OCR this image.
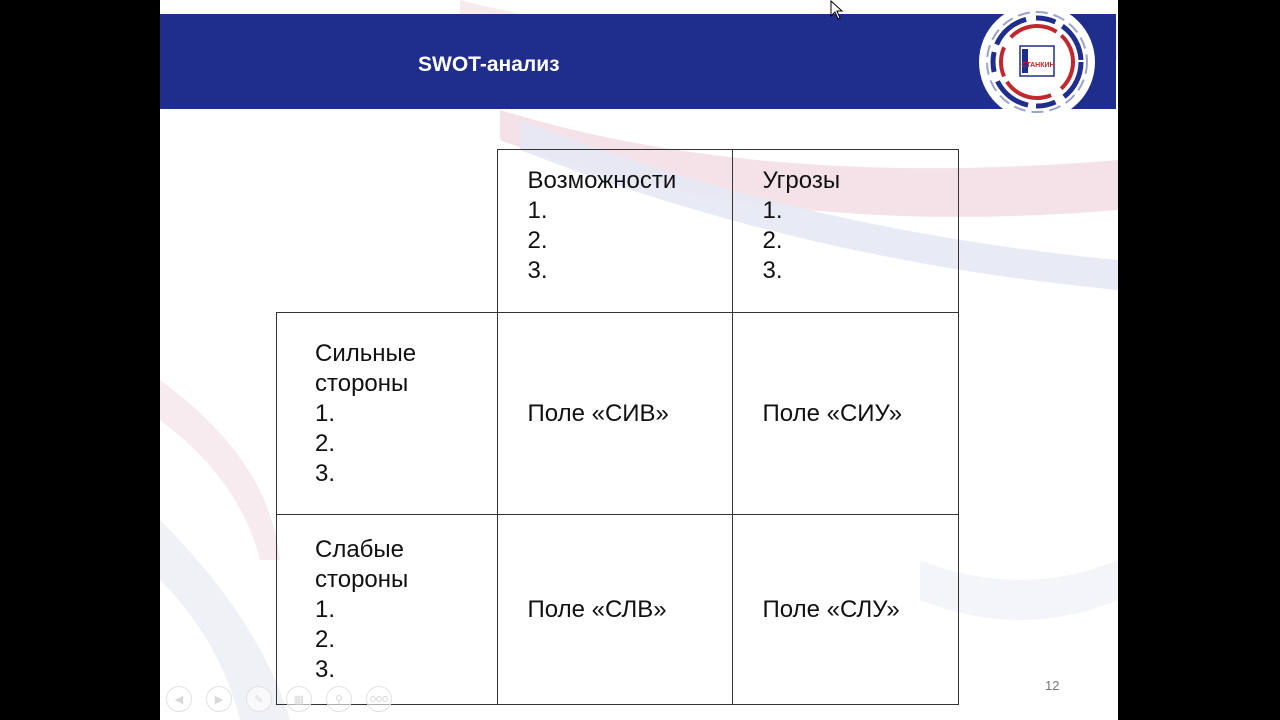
SWOT-анализ	СТАНКИН

	Возможности
1.
2.
3.	Угрозы
1.
2.
3.

Сильные
стороны
1.
2.
3.	Поле «СИВ»	Поле «СИУ»

Слабые
стороны
1.
2.
3.	Поле «СЛВ»	Поле «СЛУ»
12
◀	▶	✎	▦	⚲	ooo
